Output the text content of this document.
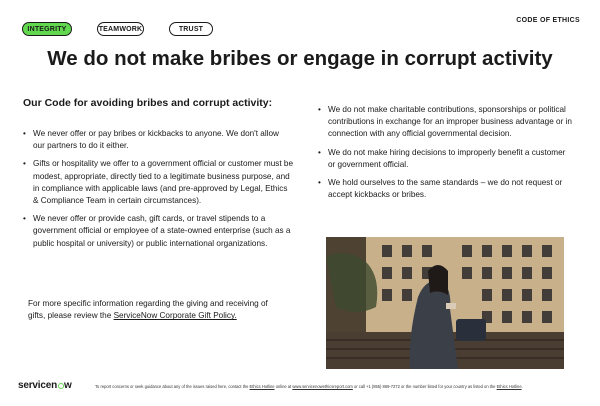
INTEGRITY	TEAMWORK	TRUST
CODE OF ETHICS
We do not make bribes or engage in corrupt activity
Our Code for avoiding bribes and corrupt activity:
• We never offer or pay bribes or kickbacks to anyone. We don't allow our partners to do it either.
• Gifts or hospitality we offer to a government official or customer must be modest, appropriate, directly tied to a legitimate business purpose, and in compliance with applicable laws (and pre-approved by Legal, Ethics & Compliance Team in certain circumstances).
• We never offer or provide cash, gift cards, or travel stipends to a government official or employee of a state-owned enterprise (such as a public hospital or university) or public international organizations.
• We do not make charitable contributions, sponsorships or political contributions in exchange for an improper business advantage or in connection with any official governmental decision.
• We do not make hiring decisions to improperly benefit a customer or government official.
• We hold ourselves to the same standards – we do not request or accept kickbacks or bribes.
For more specific information regarding the giving and receiving of gifts, please review the ServiceNow Corporate Gift Policy.
servicen w	To report concerns or seek guidance about any of the issues raised here, contact the Ethics Hotline online at www.servicenowethicsreport.com or call +1 (855) 869-7272 or the number listed for your country as listed on the Ethics Hotline.
